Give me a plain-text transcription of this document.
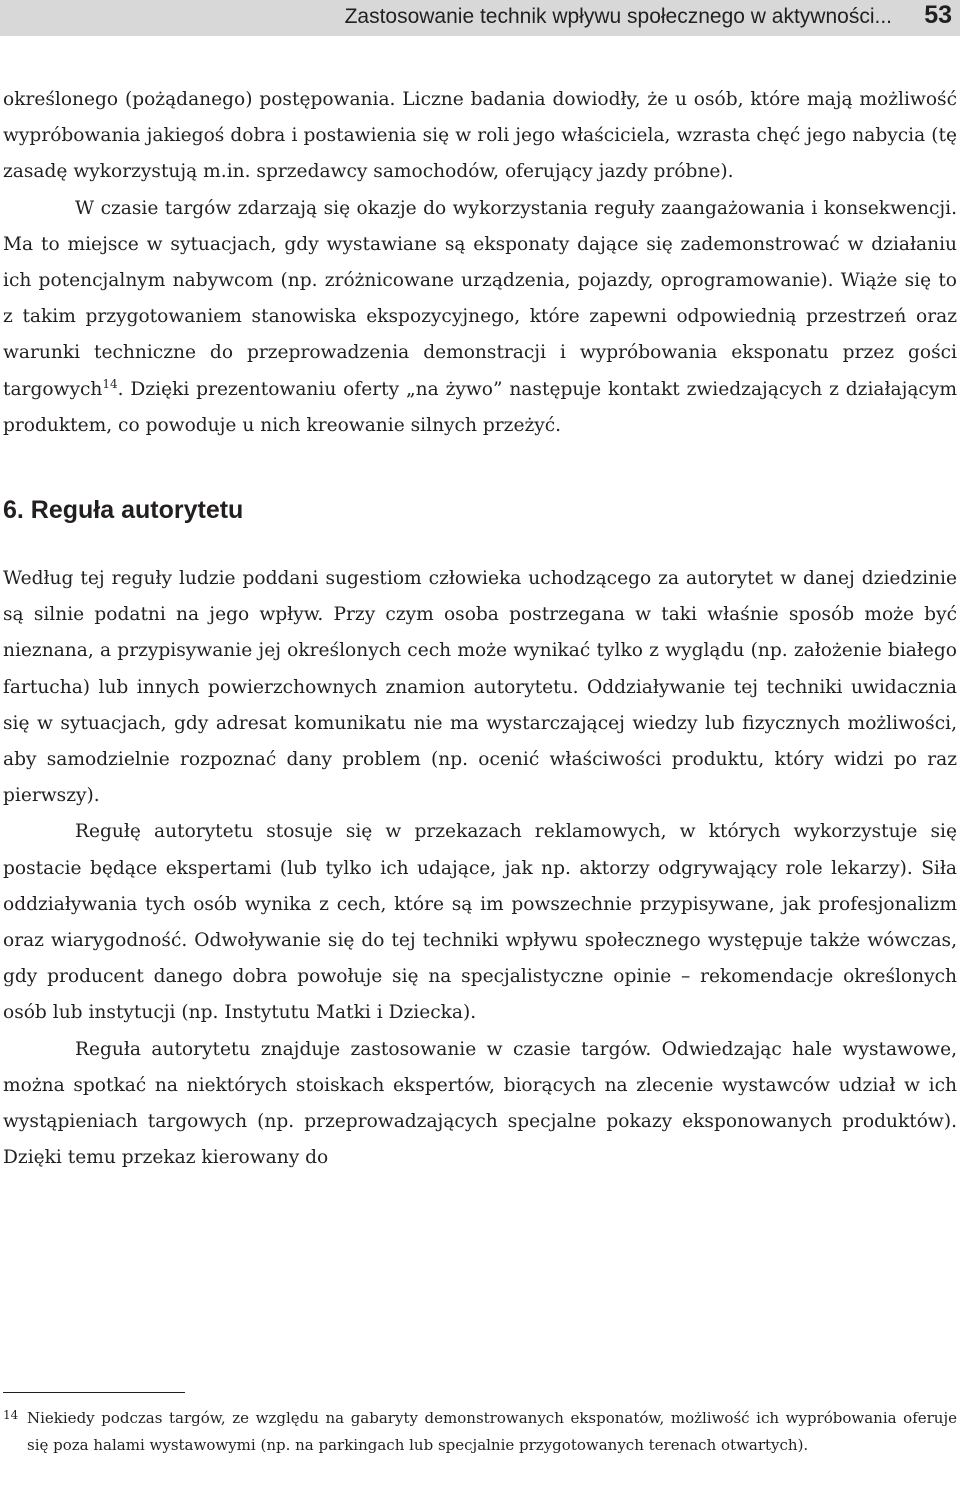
Zastosowanie technik wpływu społecznego w aktywności... 53

określonego (pożądanego) postępowania. Liczne badania dowiodły, że u osób, które mają możliwość wypróbowania jakiegoś dobra i postawienia się w roli jego właściciela, wzrasta chęć jego nabycia (tę zasadę wykorzystują m.in. sprzedawcy samochodów, oferujący jazdy próbne).

W czasie targów zdarzają się okazje do wykorzystania reguły zaangażowania i konsekwencji. Ma to miejsce w sytuacjach, gdy wystawiane są eksponaty dające się zademonstrować w działaniu ich potencjalnym nabywcom (np. zróżnicowane urządzenia, pojazdy, oprogramowanie). Wiąże się to z takim przygotowaniem stanowiska ekspozycyjnego, które zapewni odpowiednią przestrzeń oraz warunki techniczne do przeprowadzenia demonstracji i wypróbowania eksponatu przez gości targowych$^{14}$. Dzięki prezentowaniu oferty „na żywo” następuje kontakt zwiedzających z działającym produktem, co powoduje u nich kreowanie silnych przeżyć.

6. Reguła autorytetu

Według tej reguły ludzie poddani sugestiom człowieka uchodzącego za autorytet w danej dziedzinie są silnie podatni na jego wpływ. Przy czym osoba postrzegana w taki właśnie sposób może być nieznana, a przypisywanie jej określonych cech może wynikać tylko z wyglądu (np. założenie białego fartucha) lub innych powierzchownych znamion autorytetu. Oddziaływanie tej techniki uwidacznia się w sytuacjach, gdy adresat komunikatu nie ma wystarczającej wiedzy lub fizycznych możliwości, aby samodzielnie rozpoznać dany problem (np. ocenić właściwości produktu, który widzi po raz pierwszy).

Regułę autorytetu stosuje się w przekazach reklamowych, w których wykorzystuje się postacie będące ekspertami (lub tylko ich udające, jak np. aktorzy odgrywający role lekarzy). Siła oddziaływania tych osób wynika z cech, które są im powszechnie przypisywane, jak profesjonalizm oraz wiarygodność. Odwoływanie się do tej techniki wpływu społecznego występuje także wówczas, gdy producent danego dobra powołuje się na specjalistyczne opinie – rekomendacje określonych osób lub instytucji (np. Instytutu Matki i Dziecka).

Reguła autorytetu znajduje zastosowanie w czasie targów. Odwiedzając hale wystawowe, można spotkać na niektórych stoiskach ekspertów, biorących na zlecenie wystawców udział w ich wystąpieniach targowych (np. przeprowadzających specjalne pokazy eksponowanych produktów). Dzięki temu przekaz kierowany do

14 Niekiedy podczas targów, ze względu na gabaryty demonstrowanych eksponatów, możliwość ich wypróbowania oferuje się poza halami wystawowymi (np. na parkingach lub specjalnie przygotowanych terenach otwartych).
